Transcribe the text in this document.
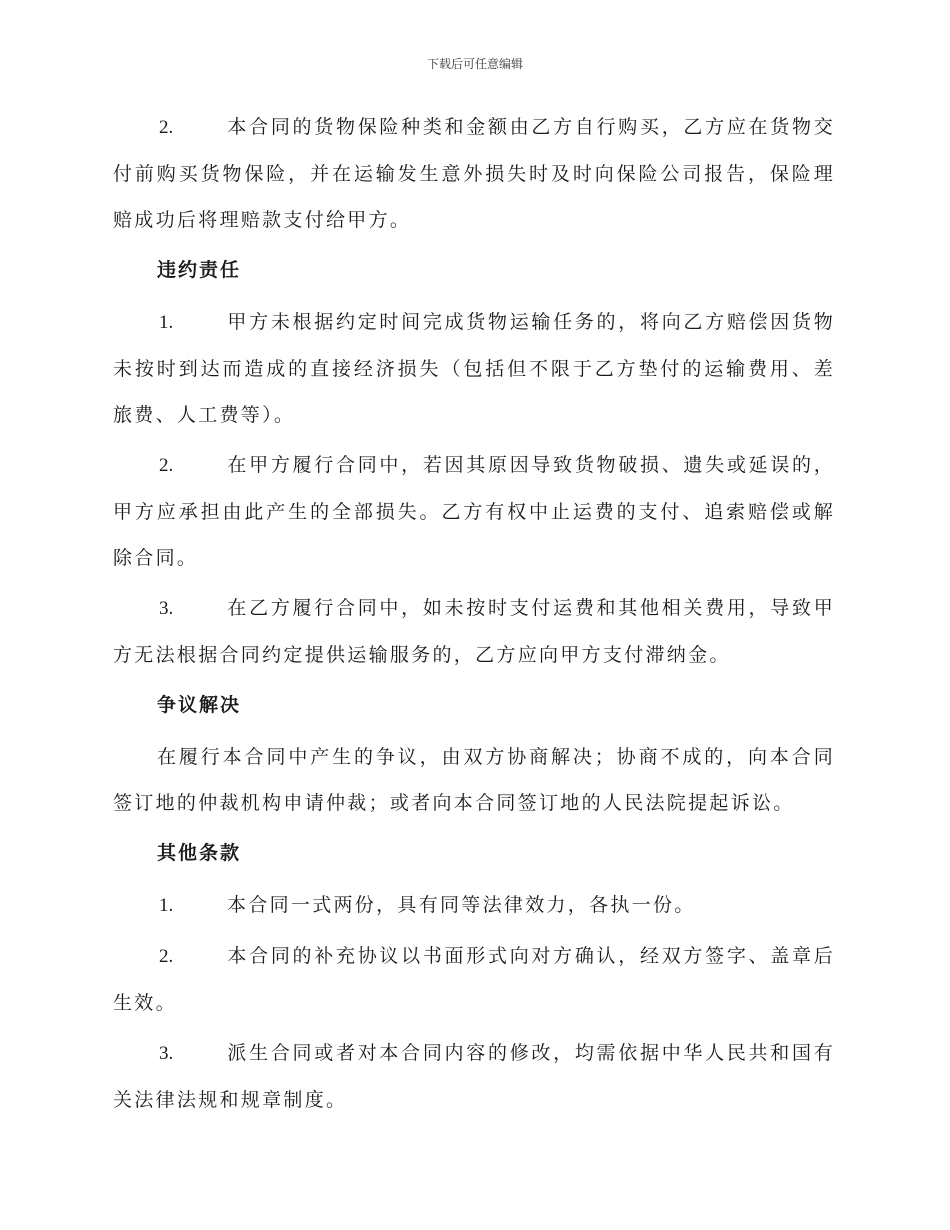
下载后可任意编辑

2.	本合同的货物保险种类和金额由乙方自行购买，乙方应在货物交付前购买货物保险，并在运输发生意外损失时及时向保险公司报告，保险理赔成功后将理赔款支付给甲方。

违约责任

1.	甲方未根据约定时间完成货物运输任务的，将向乙方赔偿因货物未按时到达而造成的直接经济损失（包括但不限于乙方垫付的运输费用、差旅费、人工费等）。

2.	在甲方履行合同中，若因其原因导致货物破损、遗失或延误的，甲方应承担由此产生的全部损失。乙方有权中止运费的支付、追索赔偿或解除合同。

3.	在乙方履行合同中，如未按时支付运费和其他相关费用，导致甲方无法根据合同约定提供运输服务的，乙方应向甲方支付滞纳金。

争议解决

在履行本合同中产生的争议，由双方协商解决；协商不成的，向本合同签订地的仲裁机构申请仲裁；或者向本合同签订地的人民法院提起诉讼。

其他条款

1.	本合同一式两份，具有同等法律效力，各执一份。

2.	本合同的补充协议以书面形式向对方确认，经双方签字、盖章后生效。

3.	派生合同或者对本合同内容的修改，均需依据中华人民共和国有关法律法规和规章制度。
